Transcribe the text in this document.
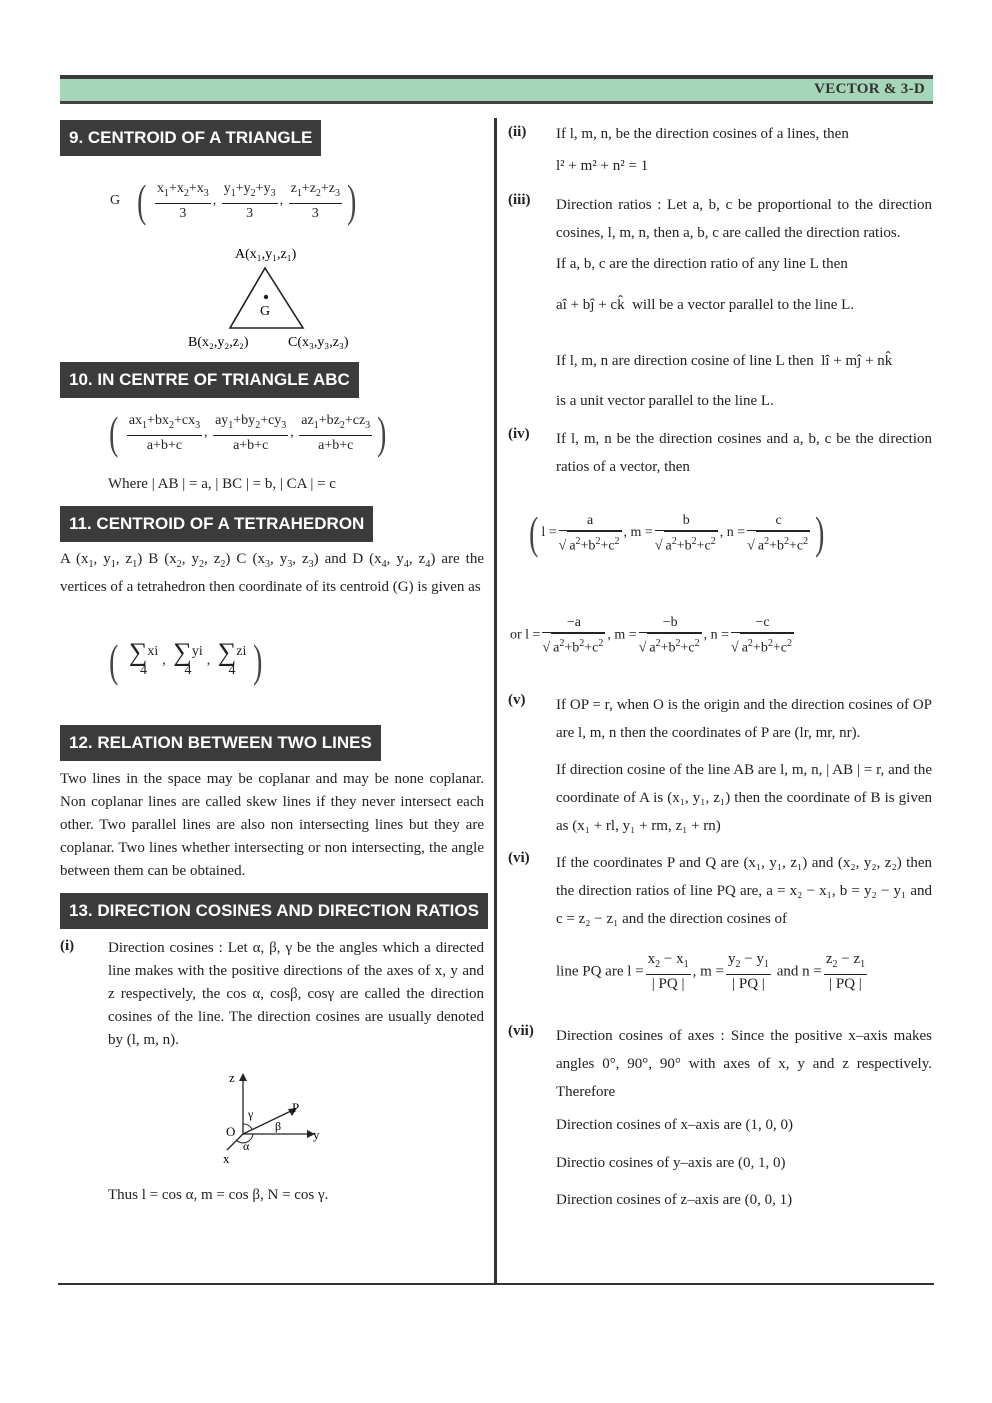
VECTOR & 3-D
9. CENTROID OF A TRIANGLE
G ( $\frac{x_1+x_2+x_3}{3}$ , $\frac{y_1+y_2+y_3}{3}$ , $\frac{z_1+z_2+z_3}{3}$ )
A(x₁,y₁,z₁)
G
B(x₂,y₂,z₂)	C(x₃,y₃,z₃)
10. IN CENTRE OF TRIANGLE ABC
( $\frac{ax_1+bx_2+cx_3}{a+b+c}$ , $\frac{ay_1+by_2+cy_3}{a+b+c}$ , $\frac{az_1+bz_2+cz_3}{a+b+c}$ )
Where | AB | = a, | BC | = b, | CA | = c
11. CENTROID OF A TETRAHEDRON
A ($x_1$, $y_1$, $z_1$) B ($x_2$, $y_2$, $z_2$) C ($x_3$, $y_3$, $z_3$) and D ($x_4$, $y_4$, $z_4$) are the vertices of a tetrahedron then coordinate of its centroid (G) is given as
( ∑xi
4
, ∑yi
4
, ∑zi
4 )
12. RELATION BETWEEN TWO LINES
Two lines in the space may be coplanar and may be none coplanar. Non coplanar lines are called skew lines if they never intersect each other. Two parallel lines are also non intersecting lines but they are coplanar. Two lines whether intersecting or non intersecting, the angle between them can be obtained.
13. DIRECTION COSINES AND DIRECTION RATIOS
(i) Direction cosines : Let α, β, γ be the angles which a directed line makes with the positive directions of the axes of x, y and z respectively, the cos α, cosβ, cosγ are called the direction cosines of the line. The direction cosines are usually denoted by (l, m, n).
z
y
x
O
P
α
β
γ
Thus l = cos α, m = cos β, N = cos γ.
(ii) If l, m, n, be the direction cosines of a lines, then
l² + m² + n² = 1
(iii) Direction ratios : Let a, b, c be proportional to the direction cosines, l, m, n, then a, b, c are called the direction ratios.
If a, b, c are the direction ratio of any line L then
aî + bĵ + ck̂  will be a vector parallel to the line L.
If l, m, n are direction cosine of line L then  lî + mĵ + nk̂
is a unit vector parallel to the line L.
(iv) If l, m, n be the direction cosines and a, b, c be the direction ratios of a vector, then
( $l = \frac{a}{√ a^2+b^2+c^2}$ , $m = \frac{b}{√ a^2+b^2+c^2}$ , $n = \frac{c}{√ a^2+b^2+c^2}$ )
or $l = \frac{-a}{√ a^2+b^2+c^2}$ , $m = \frac{-b}{√ a^2+b^2+c^2}$ , $n = \frac{-c}{√ a^2+b^2+c^2}$
(v) If OP = r, when O is the origin and the direction cosines of OP are l, m, n then the coordinates of P are (lr, mr, nr).
If direction cosine of the line AB are l, m, n, | AB | = r, and the coordinate of A is (x₁, y₁, z₁) then the coordinate of B is given as (x₁ + rl, y₁ + rm, z₁ + rn)
(vi) If the coordinates P and Q are (x₁, y₁, z₁) and (x₂, y₂, z₂) then the direction ratios of line PQ are, a = x₂ − x₁, b = y₂ − y₁ and c = z₂ − z₁ and the direction cosines of
line PQ are $l = \frac{x_2 - x_1}{| PQ |}$ , $m = \frac{y_2 - y_1}{| PQ |}$ and $n = \frac{z_2 - z_1}{| PQ |}$
(vii) Direction cosines of axes : Since the positive x–axis makes angles 0°, 90°, 90° with axes of x, y and z respectively. Therefore
Direction cosines of x–axis are (1, 0, 0)
Directio cosines of y–axis are (0, 1, 0)
Direction cosines of z–axis are (0, 0, 1)
